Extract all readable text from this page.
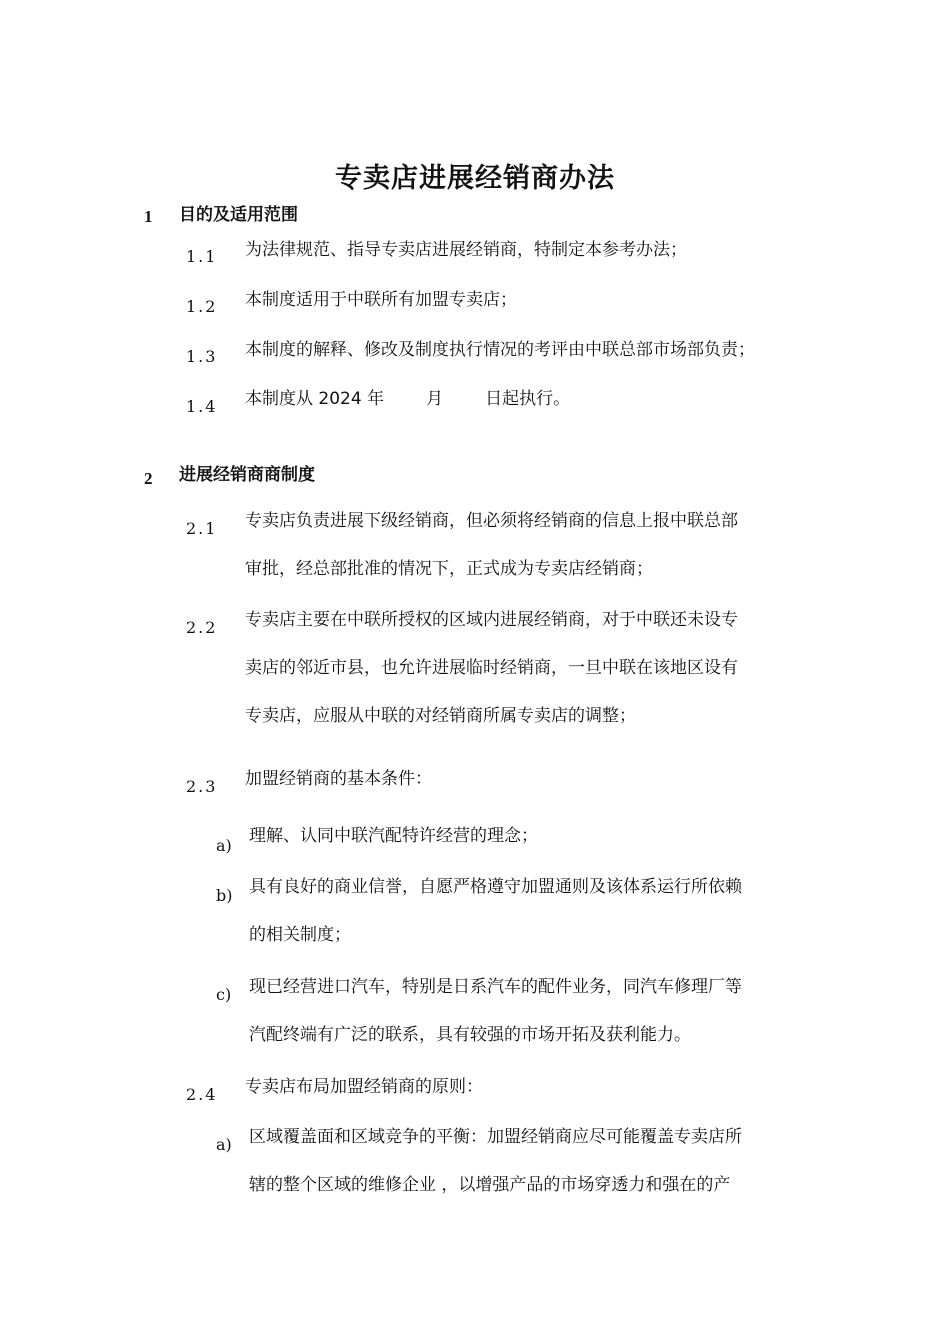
专卖店进展经销商办法
1 目的及适用范围
1.1 为法律规范、指导专卖店进展经销商，特制定本参考办法；
1.2 本制度适用于中联所有加盟专卖店；
1.3 本制度的解释、修改及制度执行情况的考评由中联总部市场部负责；
1.4 本制度从 2024 年 月 日起执行。
2 进展经销商商制度
2.1 专卖店负责进展下级经销商，但必须将经销商的信息上报中联总部
审批，经总部批准的情况下，正式成为专卖店经销商；
2.2 专卖店主要在中联所授权的区域内进展经销商，对于中联还未设专
卖店的邻近市县，也允许进展临时经销商，一旦中联在该地区设有
专卖店，应服从中联的对经销商所属专卖店的调整；
2.3 加盟经销商的基本条件：
a) 理解、认同中联汽配特许经营的理念；
b) 具有良好的商业信誉，自愿严格遵守加盟通则及该体系运行所依赖
的相关制度；
c) 现已经营进口汽车，特别是日系汽车的配件业务，同汽车修理厂等
汽配终端有广泛的联系，具有较强的市场开拓及获利能力。
2.4 专卖店布局加盟经销商的原则：
a) 区域覆盖面和区域竞争的平衡：加盟经销商应尽可能覆盖专卖店所
辖的整个区域的维修企业 ，以增强产品的市场穿透力和强在的产
